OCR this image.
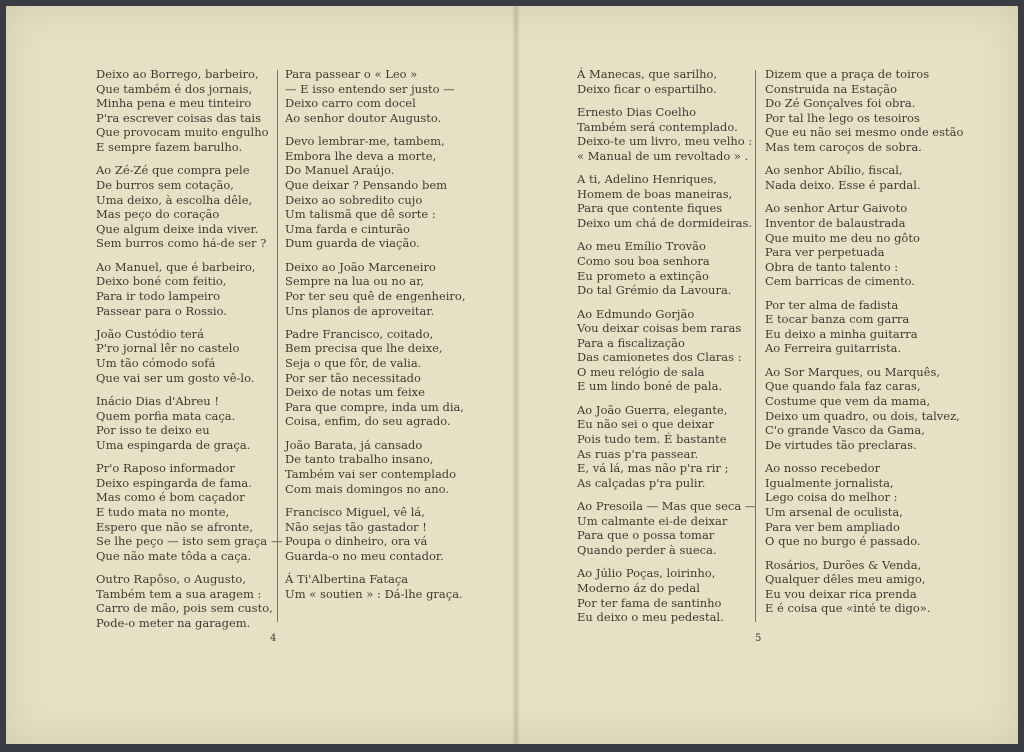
Deixo ao Borrego, barbeiro,
Que também é dos jornais,
Minha pena e meu tinteiro
P'ra escrever coisas das tais
Que provocam muito engulho
E sempre fazem barulho.
Ao Zé-Zé que compra pele
De burros sem cotação,
Uma deixo, à escolha dêle,
Mas peço do coração
Que algum deixe inda viver.
Sem burros como há-de ser ?
Ao Manuel, que é barbeiro,
Deixo boné com feitio,
Para ir todo lampeiro
Passear para o Rossio.
João Custódio terá
P'ro jornal lêr no castelo
Um tão cómodo sofá
Que vai ser um gosto vê-lo.
Inácio Dias d'Abreu !
Quem porfia mata caça.
Por isso te deixo eu
Uma espingarda de graça.
Pr'o Raposo informador
Deixo espingarda de fama.
Mas como é bom caçador
E tudo mata no monte,
Espero que não se afronte,
Se lhe peço — isto sem graça —
Que não mate tôda a caça.
Outro Rapôso, o Augusto,
Também tem a sua aragem :
Carro de mão, pois sem custo,
Pode-o meter na garagem.
Para passear o « Leo »
— E isso entendo ser justo —
Deixo carro com docel
Ao senhor doutor Augusto.
Devo lembrar-me, tambem,
Embora lhe deva a morte,
Do Manuel Araújo.
Que deixar ? Pensando bem
Deixo ao sobredito cujo
Um talismã que dê sorte :
Uma farda e cinturão
Dum guarda de viação.
Deixo ao João Marceneiro
Sempre na lua ou no ar,
Por ter seu quê de engenheiro,
Uns planos de aproveitar.
Padre Francisco, coitado,
Bem precisa que lhe deixe,
Seja o que fôr, de valia.
Por ser tão necessitado
Deixo de notas um feixe
Para que compre, inda um dia,
Coisa, enfim, do seu agrado.
João Barata, já cansado
De tanto trabalho insano,
Também vai ser contemplado
Com mais domingos no ano.
Francisco Miguel, vê lá,
Não sejas tão gastador !
Poupa o dinheiro, ora vá
Guarda-o no meu contador.
Á Ti'Albertina Fataça
Um « soutien » : Dá-lhe graça.
4
Á Manecas, que sarilho,
Deixo ficar o espartilho.
Ernesto Dias Coelho
Também será contemplado.
Deixo-te um livro, meu velho :
« Manual de um revoltado » .
A ti, Adelino Henriques,
Homem de boas maneiras,
Para que contente fiques
Deixo um chá de dormideiras.
Ao meu Emílio Trovão
Como sou boa senhora
Eu prometo a extinção
Do tal Grémio da Lavoura.
Ao Edmundo Gorjão
Vou deixar coisas bem raras
Para a fiscalização
Das camionetes dos Claras :
O meu relógio de sala
E um lindo boné de pala.
Ao João Guerra, elegante,
Eu não sei o que deixar
Pois tudo tem. É bastante
As ruas p'ra passear.
E, vá lá, mas não p'ra rir ;
As calçadas p'ra pulir.
Ao Presoila — Mas que seca —
Um calmante ei-de deixar
Para que o possa tomar
Quando perder à sueca.
Ao Júlio Poças, loirinho,
Moderno áz do pedal
Por ter fama de santinho
Eu deixo o meu pedestal.
Dizem que a praça de toiros
Construida na Estação
Do Zé Gonçalves foi obra.
Por tal lhe lego os tesoiros
Que eu não sei mesmo onde estão
Mas tem caroços de sobra.
Ao senhor Abílio, fiscal,
Nada deixo. Esse é pardal.
Ao senhor Artur Gaivoto
Inventor de balaustrada
Que muito me deu no gôto
Para ver perpetuada
Obra de tanto talento :
Cem barricas de cimento.
Por ter alma de fadista
E tocar banza com garra
Eu deixo a minha guitarra
Ao Ferreira guitarrista.
Ao Sor Marques, ou Marquês,
Que quando fala faz caras,
Costume que vem da mama,
Deixo um quadro, ou dois, talvez,
C'o grande Vasco da Gama,
De virtudes tão preclaras.
Ao nosso recebedor
Igualmente jornalista,
Lego coisa do melhor :
Um arsenal de oculista,
Para ver bem ampliado
O que no burgo é passado.
Rosários, Durões & Venda,
Qualquer dêles meu amigo,
Eu vou deixar rica prenda
E é coisa que «inté te digo».
5
